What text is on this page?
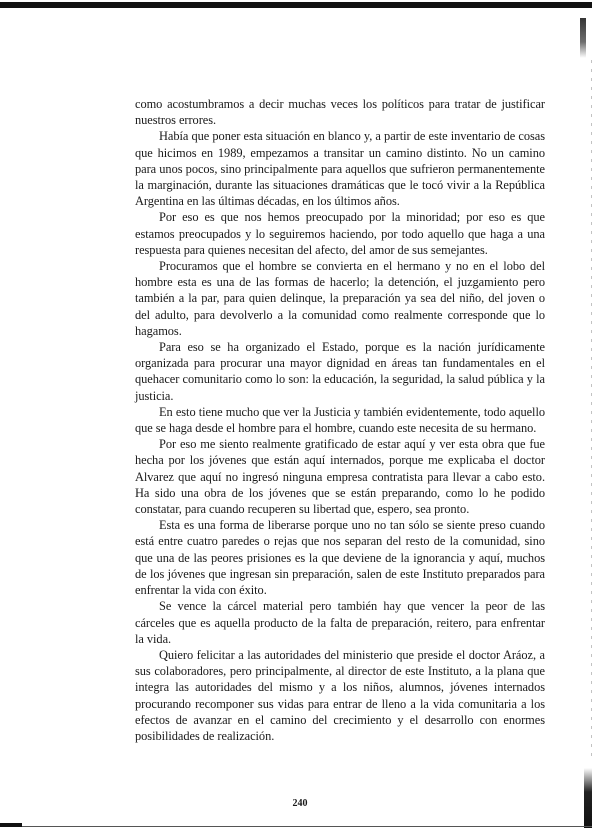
como acostumbramos a decir muchas veces los políticos para tratar de justificar nuestros errores.

Había que poner esta situación en blanco y, a partir de este inventario de cosas que hicimos en 1989, empezamos a transitar un camino distinto. No un camino para unos pocos, sino principalmente para aquellos que sufrieron permanentemente la marginación, durante las situaciones dramáticas que le tocó vivir a la República Argentina en las últimas décadas, en los últimos años.

Por eso es que nos hemos preocupado por la minoridad; por eso es que estamos preocupados y lo seguiremos haciendo, por todo aquello que haga a una respuesta para quienes necesitan del afecto, del amor de sus semejantes.

Procuramos que el hombre se convierta en el hermano y no en el lobo del hombre esta es una de las formas de hacerlo; la detención, el juzgamiento pero también a la par, para quien delinque, la preparación ya sea del niño, del joven o del adulto, para devolverlo a la comunidad como realmente corresponde que lo hagamos.

Para eso se ha organizado el Estado, porque es la nación jurídicamente organizada para procurar una mayor dignidad en áreas tan fundamentales en el quehacer comunitario como lo son: la educación, la seguridad, la salud pública y la justicia.

En esto tiene mucho que ver la Justicia y también evidentemente, todo aquello que se haga desde el hombre para el hombre, cuando este necesita de su hermano.

Por eso me siento realmente gratificado de estar aquí y ver esta obra que fue hecha por los jóvenes que están aquí internados, porque me explicaba el doctor Alvarez que aquí no ingresó ninguna empresa contratista para llevar a cabo esto. Ha sido una obra de los jóvenes que se están preparando, como lo he podido constatar, para cuando recuperen su libertad que, espero, sea pronto.

Esta es una forma de liberarse porque uno no tan sólo se siente preso cuando está entre cuatro paredes o rejas que nos separan del resto de la comunidad, sino que una de las peores prisiones es la que deviene de la ignorancia y aquí, muchos de los jóvenes que ingresan sin preparación, salen de este Instituto preparados para enfrentar la vida con éxito.

Se vence la cárcel material pero también hay que vencer la peor de las cárceles que es aquella producto de la falta de preparación, reitero, para enfrentar la vida.

Quiero felicitar a las autoridades del ministerio que preside el doctor Aráoz, a sus colaboradores, pero principalmente, al director de este Instituto, a la plana que integra las autoridades del mismo y a los niños, alumnos, jóvenes internados procurando recomponer sus vidas para entrar de lleno a la vida comunitaria a los efectos de avanzar en el camino del crecimiento y el desarrollo con enormes posibilidades de realización.

240
